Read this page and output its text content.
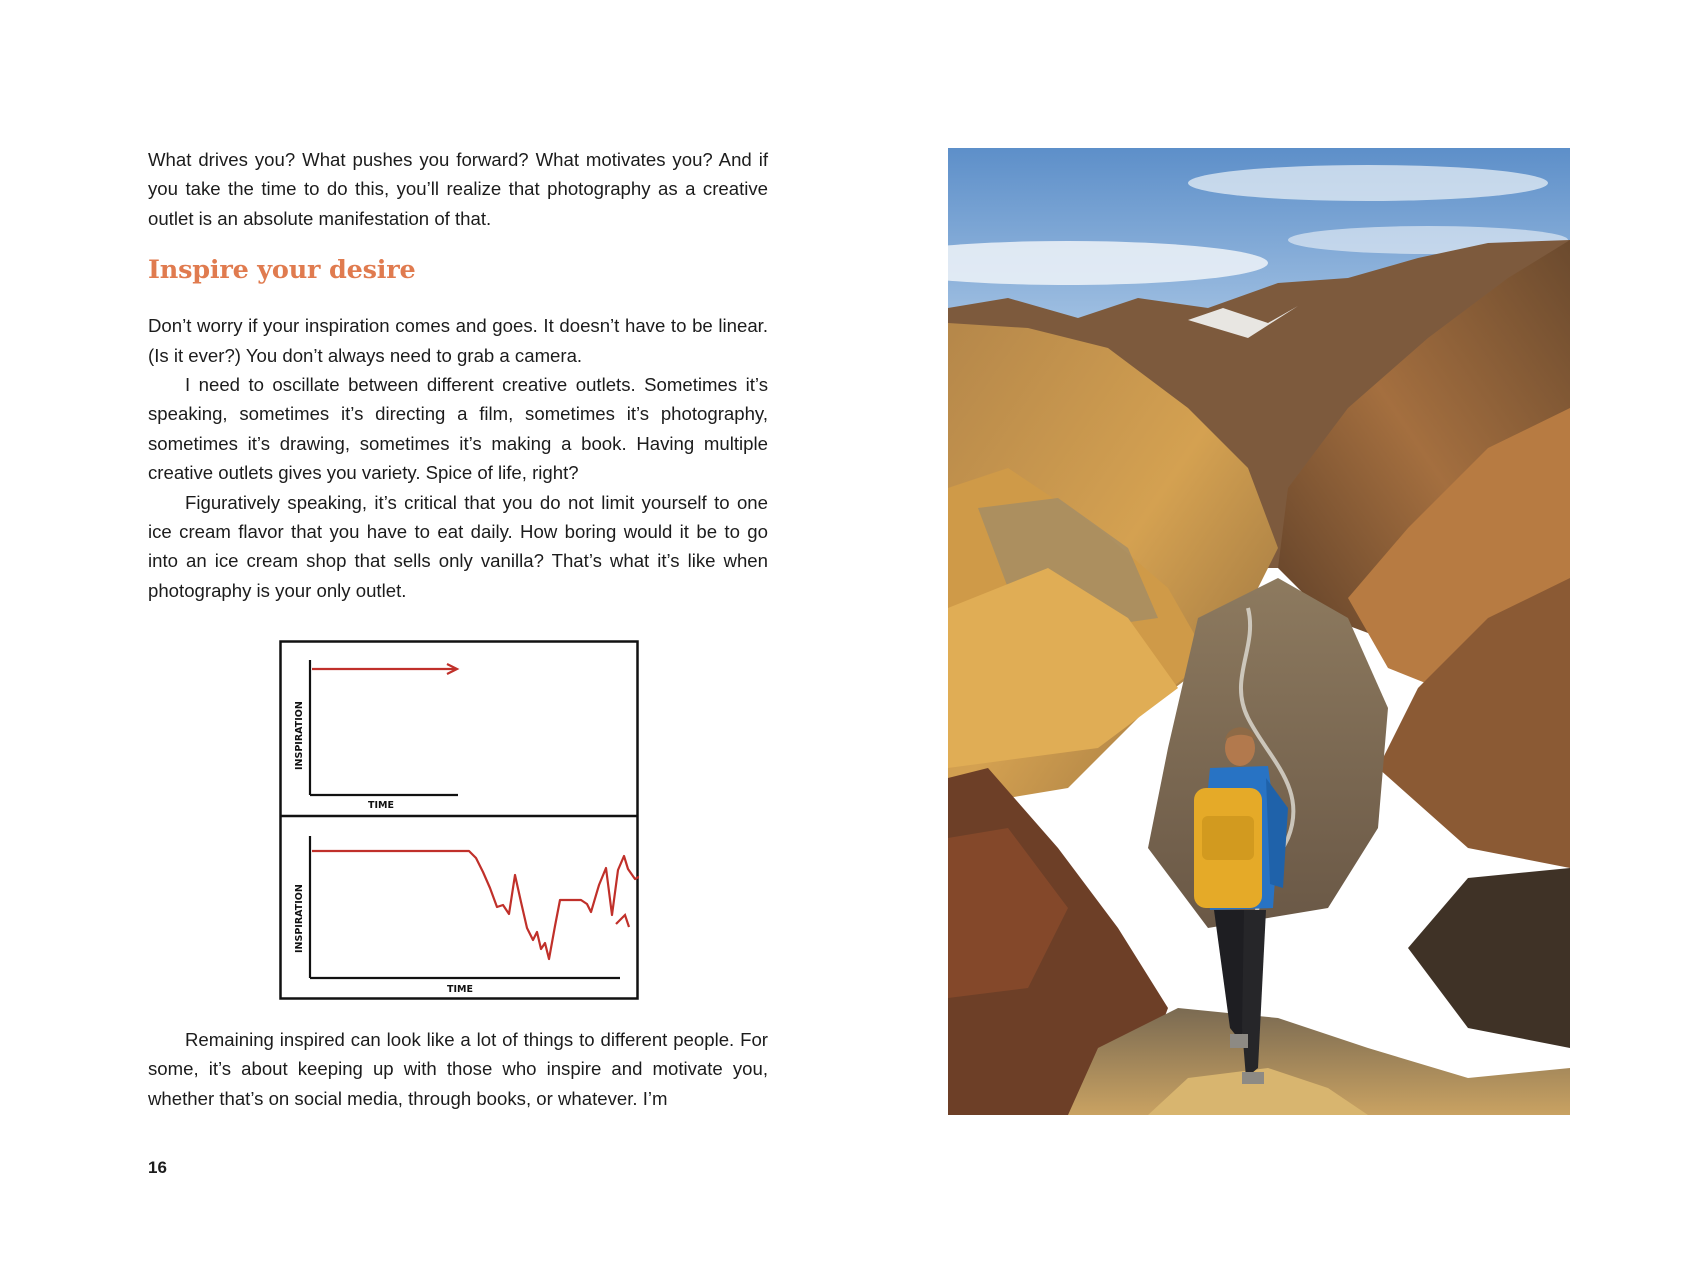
What drives you? What pushes you forward? What motivates you? And if you take the time to do this, you’ll realize that photography as a creative outlet is an absolute manifestation of that.

Inspire your desire

Don’t worry if your inspiration comes and goes. It doesn’t have to be linear. (Is it ever?) You don’t always need to grab a camera.

I need to oscillate between different creative outlets. Sometimes it’s speaking, sometimes it’s directing a film, sometimes it’s photography, sometimes it’s drawing, sometimes it’s making a book. Having multiple creative outlets gives you variety. Spice of life, right?

Figuratively speaking, it’s critical that you do not limit yourself to one ice cream flavor that you have to eat daily. How boring would it be to go into an ice cream shop that sells only vanilla? That’s what it’s like when photography is your only outlet.

INSPIRATION
TIME
INSPIRATION
TIME

Remaining inspired can look like a lot of things to different people. For some, it’s about keeping up with those who inspire and motivate you, whether that’s on social media, through books, or whatever. I’m

16
